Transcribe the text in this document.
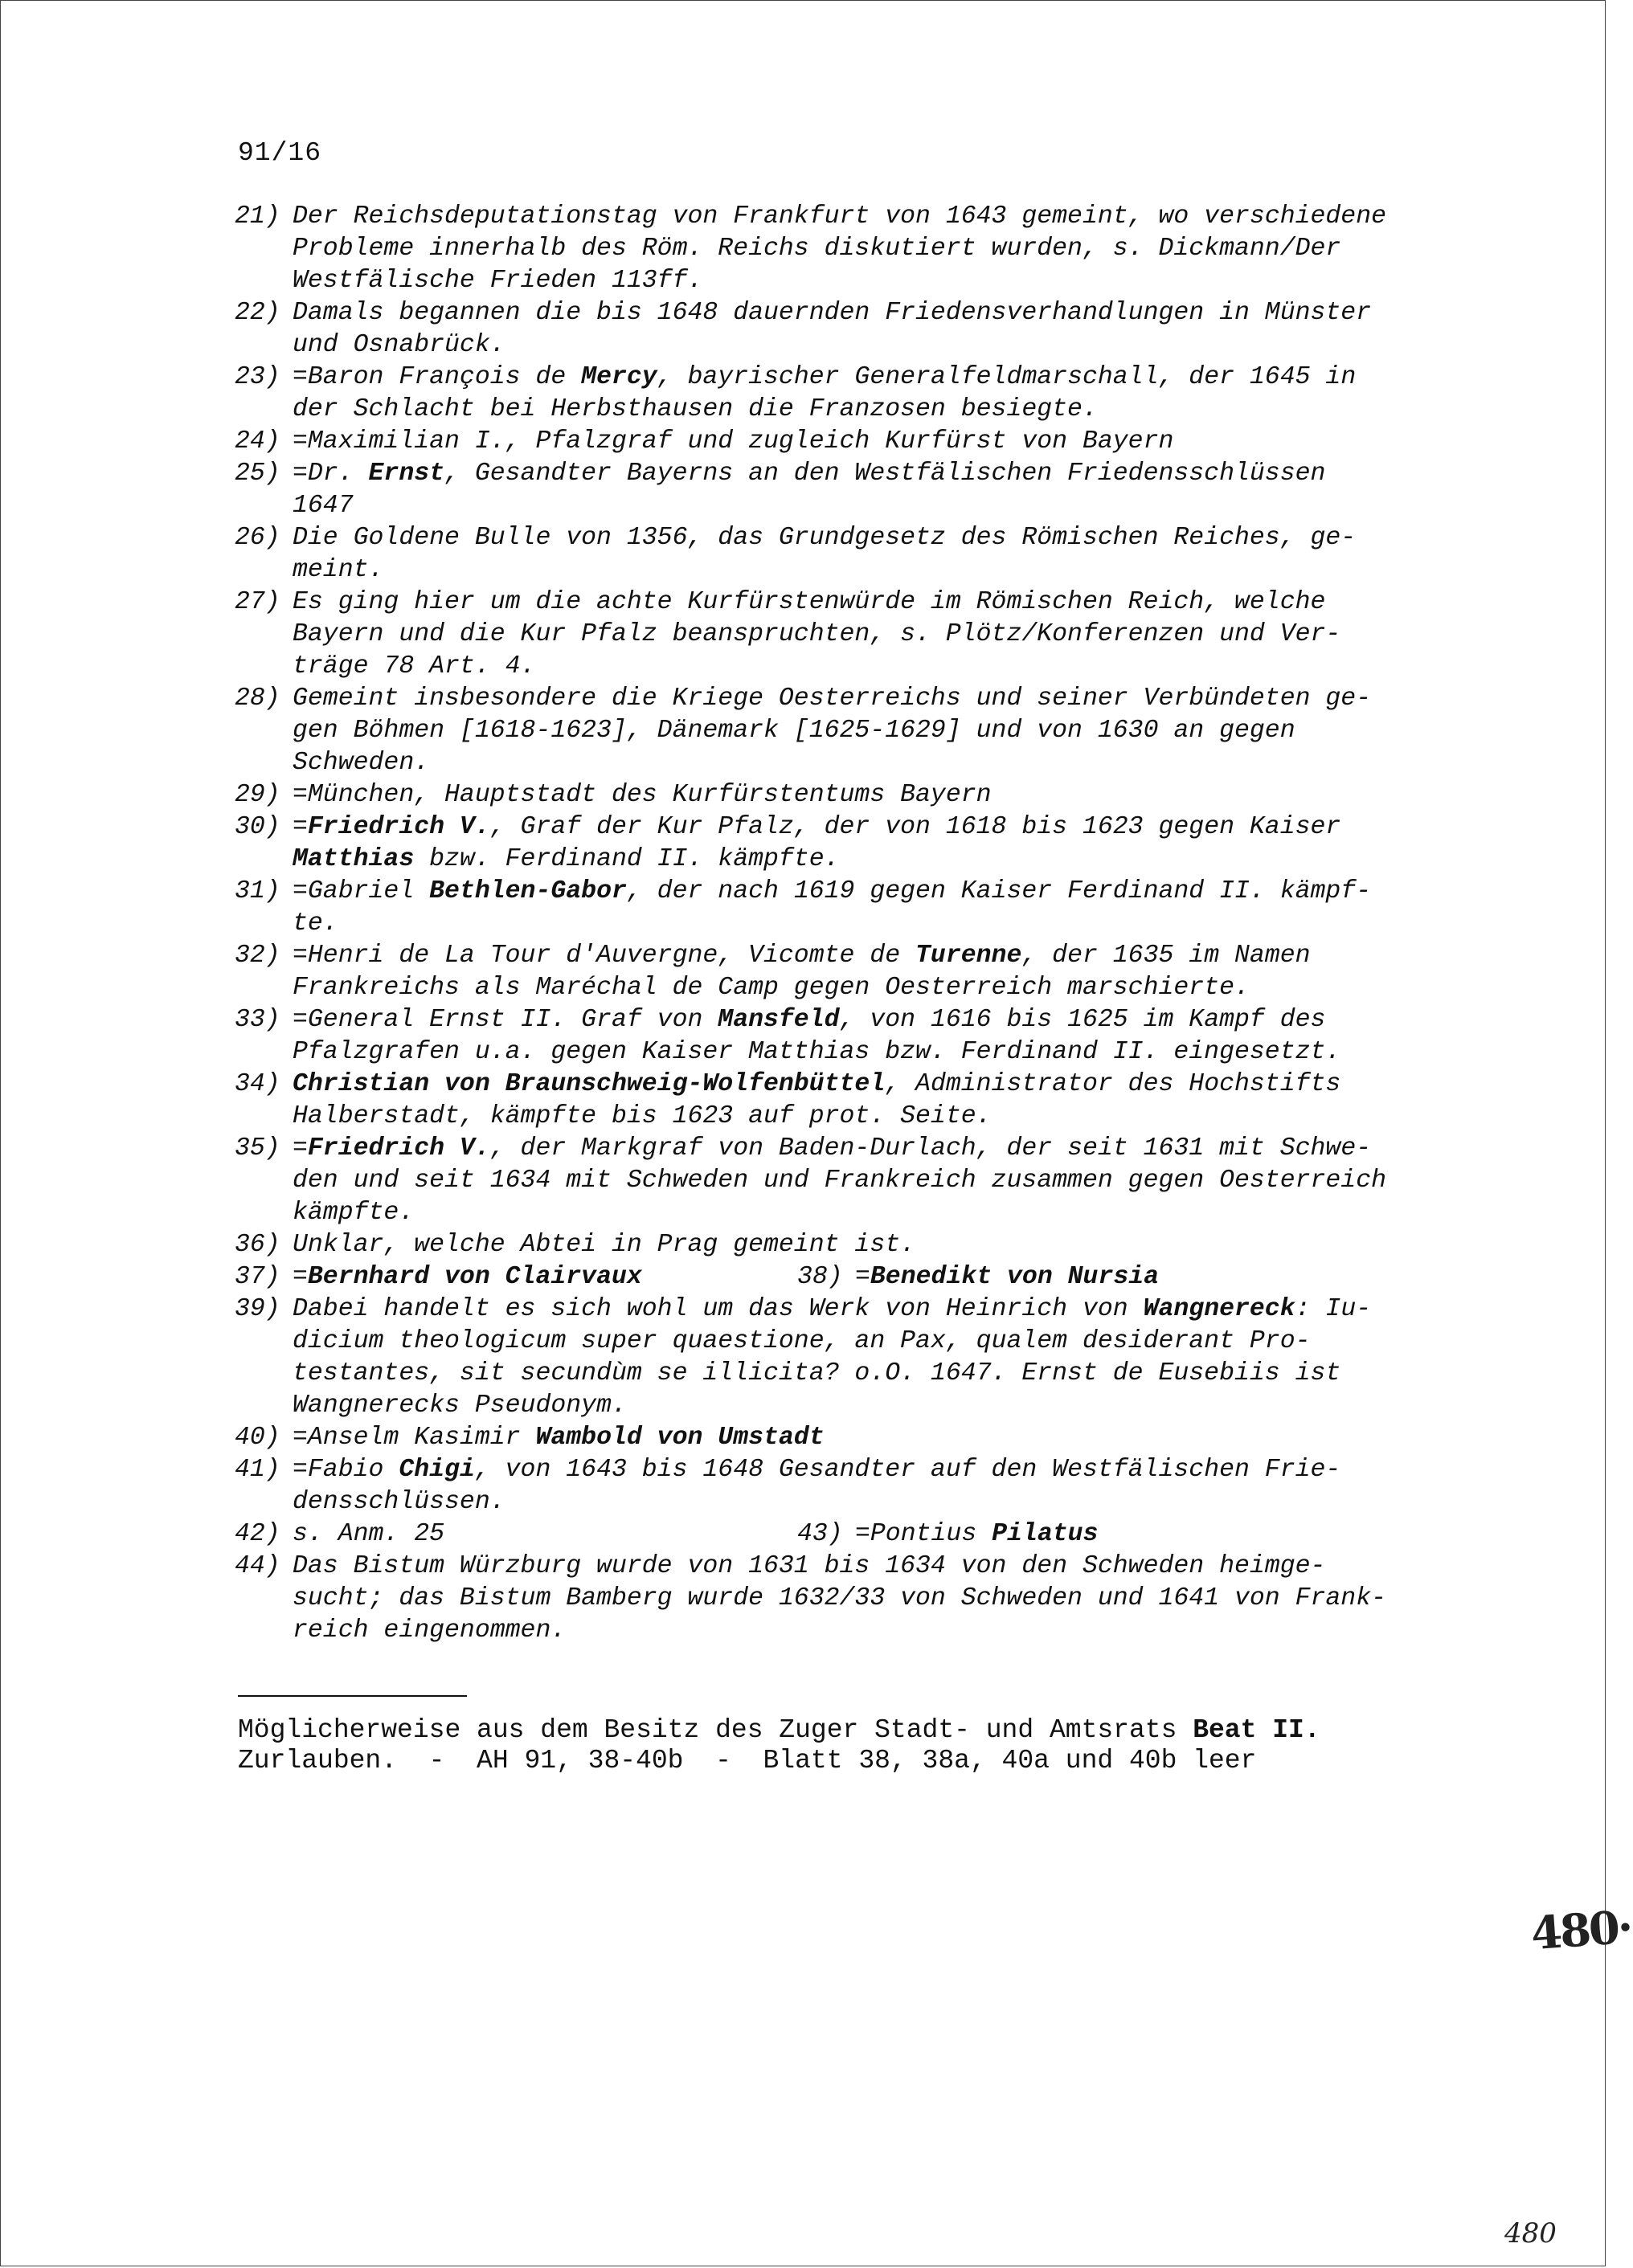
91/16
21) Der Reichsdeputationstag von Frankfurt von 1643 gemeint, wo verschiedene
Probleme innerhalb des Röm. Reichs diskutiert wurden, s. Dickmann/Der
Westfälische Frieden 113ff.
22) Damals begannen die bis 1648 dauernden Friedensverhandlungen in Münster
und Osnabrück.
23) =Baron François de Mercy, bayrischer Generalfeldmarschall, der 1645 in
der Schlacht bei Herbsthausen die Franzosen besiegte.
24) =Maximilian I., Pfalzgraf und zugleich Kurfürst von Bayern
25) =Dr. Ernst, Gesandter Bayerns an den Westfälischen Friedensschlüssen
1647
26) Die Goldene Bulle von 1356, das Grundgesetz des Römischen Reiches, ge-
meint.
27) Es ging hier um die achte Kurfürstenwürde im Römischen Reich, welche
Bayern und die Kur Pfalz beanspruchten, s. Plötz/Konferenzen und Ver-
träge 78 Art. 4.
28) Gemeint insbesondere die Kriege Oesterreichs und seiner Verbündeten ge-
gen Böhmen [1618-1623], Dänemark [1625-1629] und von 1630 an gegen
Schweden.
29) =München, Hauptstadt des Kurfürstentums Bayern
30) =Friedrich V., Graf der Kur Pfalz, der von 1618 bis 1623 gegen Kaiser
Matthias bzw. Ferdinand II. kämpfte.
31) =Gabriel Bethlen-Gabor, der nach 1619 gegen Kaiser Ferdinand II. kämpf-
te.
32) =Henri de La Tour d'Auvergne, Vicomte de Turenne, der 1635 im Namen
Frankreichs als Maréchal de Camp gegen Oesterreich marschierte.
33) =General Ernst II. Graf von Mansfeld, von 1616 bis 1625 im Kampf des
Pfalzgrafen u.a. gegen Kaiser Matthias bzw. Ferdinand II. eingesetzt.
34) Christian von Braunschweig-Wolfenbüttel, Administrator des Hochstifts
Halberstadt, kämpfte bis 1623 auf prot. Seite.
35) =Friedrich V., der Markgraf von Baden-Durlach, der seit 1631 mit Schwe-
den und seit 1634 mit Schweden und Frankreich zusammen gegen Oesterreich
kämpfte.
36) Unklar, welche Abtei in Prag gemeint ist.
37) =Bernhard von Clairvaux	38) =Benedikt von Nursia
39) Dabei handelt es sich wohl um das Werk von Heinrich von Wangnereck: Iu-
dicium theologicum super quaestione, an Pax, qualem desiderant Pro-
testantes, sit secundùm se illicita? o.O. 1647. Ernst de Eusebiis ist
Wangnerecks Pseudonym.
40) =Anselm Kasimir Wambold von Umstadt
41) =Fabio Chigi, von 1643 bis 1648 Gesandter auf den Westfälischen Frie-
densschlüssen.
42) s. Anm. 25	43) =Pontius Pilatus
44) Das Bistum Würzburg wurde von 1631 bis 1634 von den Schweden heimge-
sucht; das Bistum Bamberg wurde 1632/33 von Schweden und 1641 von Frank-
reich eingenommen.
Möglicherweise aus dem Besitz des Zuger Stadt- und Amtsrats Beat II.
Zurlauben.  -  AH 91, 38-40b  -  Blatt 38, 38a, 40a und 40b leer
480·
480
